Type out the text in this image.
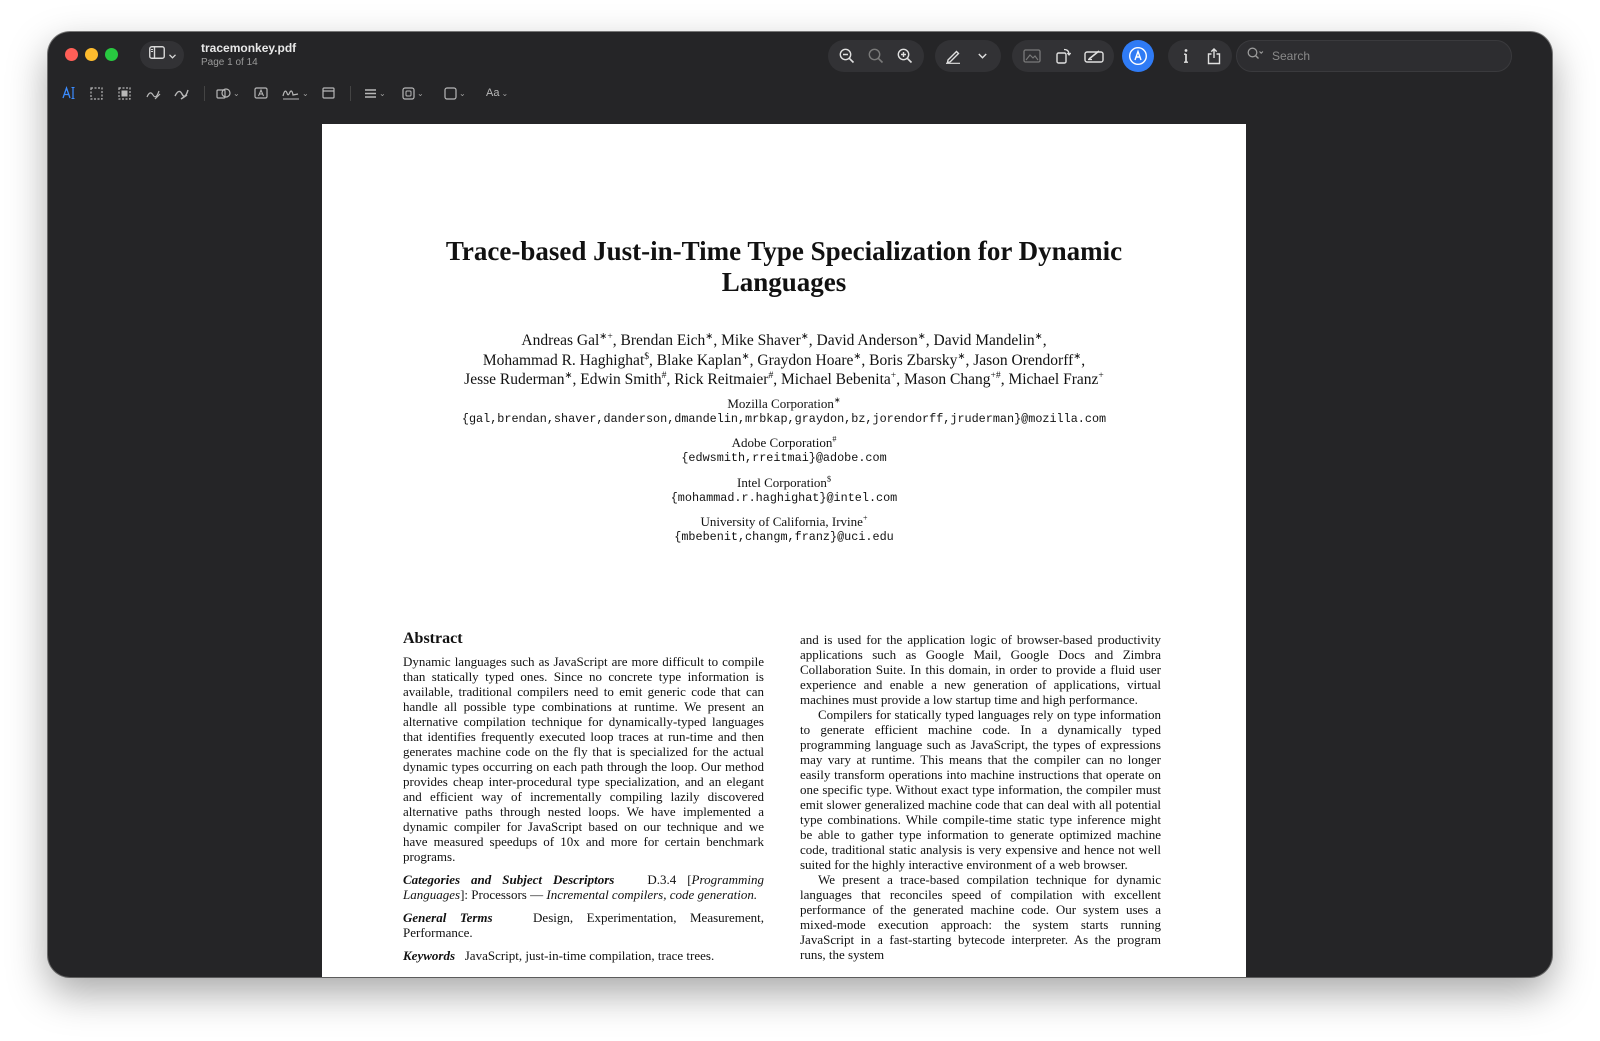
tracemonkey.pdf
Page 1 of 14
Search
⌄	⌄	⌄	⌄	⌄ Aa ⌄
Trace-based Just-in-Time Type Specialization for Dynamic
Languages
Andreas Gal∗+, Brendan Eich∗, Mike Shaver∗, David Anderson∗, David Mandelin∗,
Mohammad R. Haghighat$, Blake Kaplan∗, Graydon Hoare∗, Boris Zbarsky∗, Jason Orendorff∗,
Jesse Ruderman∗, Edwin Smith#, Rick Reitmaier#, Michael Bebenita+, Mason Chang+#, Michael Franz+
Mozilla Corporation∗
{gal,brendan,shaver,danderson,dmandelin,mrbkap,graydon,bz,jorendorff,jruderman}@mozilla.com
Adobe Corporation#
{edwsmith,rreitmai}@adobe.com
Intel Corporation$
{mohammad.r.haghighat}@intel.com
University of California, Irvine+
{mbebenit,changm,franz}@uci.edu
Abstract

Dynamic languages such as JavaScript are more difficult to compile than statically typed ones. Since no concrete type information is available, traditional compilers need to emit generic code that can handle all possible type combinations at runtime. We present an alternative compilation technique for dynamically-typed languages that identifies frequently executed loop traces at run-time and then generates machine code on the fly that is specialized for the actual dynamic types occurring on each path through the loop. Our method provides cheap inter-procedural type specialization, and an elegant and efficient way of incrementally compiling lazily discovered alternative paths through nested loops. We have implemented a dynamic compiler for JavaScript based on our technique and we have measured speedups of 10x and more for certain benchmark programs.

Categories and Subject Descriptors	D.3.4 [Programming Languages]: Processors — Incremental compilers, code generation.

General Terms	Design, Experimentation, Measurement, Performance.

Keywords JavaScript, just-in-time compilation, trace trees.

and is used for the application logic of browser-based productivity applications such as Google Mail, Google Docs and Zimbra Collaboration Suite. In this domain, in order to provide a fluid user experience and enable a new generation of applications, virtual machines must provide a low startup time and high performance.

Compilers for statically typed languages rely on type information to generate efficient machine code. In a dynamically typed programming language such as JavaScript, the types of expressions may vary at runtime. This means that the compiler can no longer easily transform operations into machine instructions that operate on one specific type. Without exact type information, the compiler must emit slower generalized machine code that can deal with all potential type combinations. While compile-time static type inference might be able to gather type information to generate optimized machine code, traditional static analysis is very expensive and hence not well suited for the highly interactive environment of a web browser.

We present a trace-based compilation technique for dynamic languages that reconciles speed of compilation with excellent performance of the generated machine code. Our system uses a mixed-mode execution approach: the system starts running JavaScript in a fast-starting bytecode interpreter. As the program runs, the system
